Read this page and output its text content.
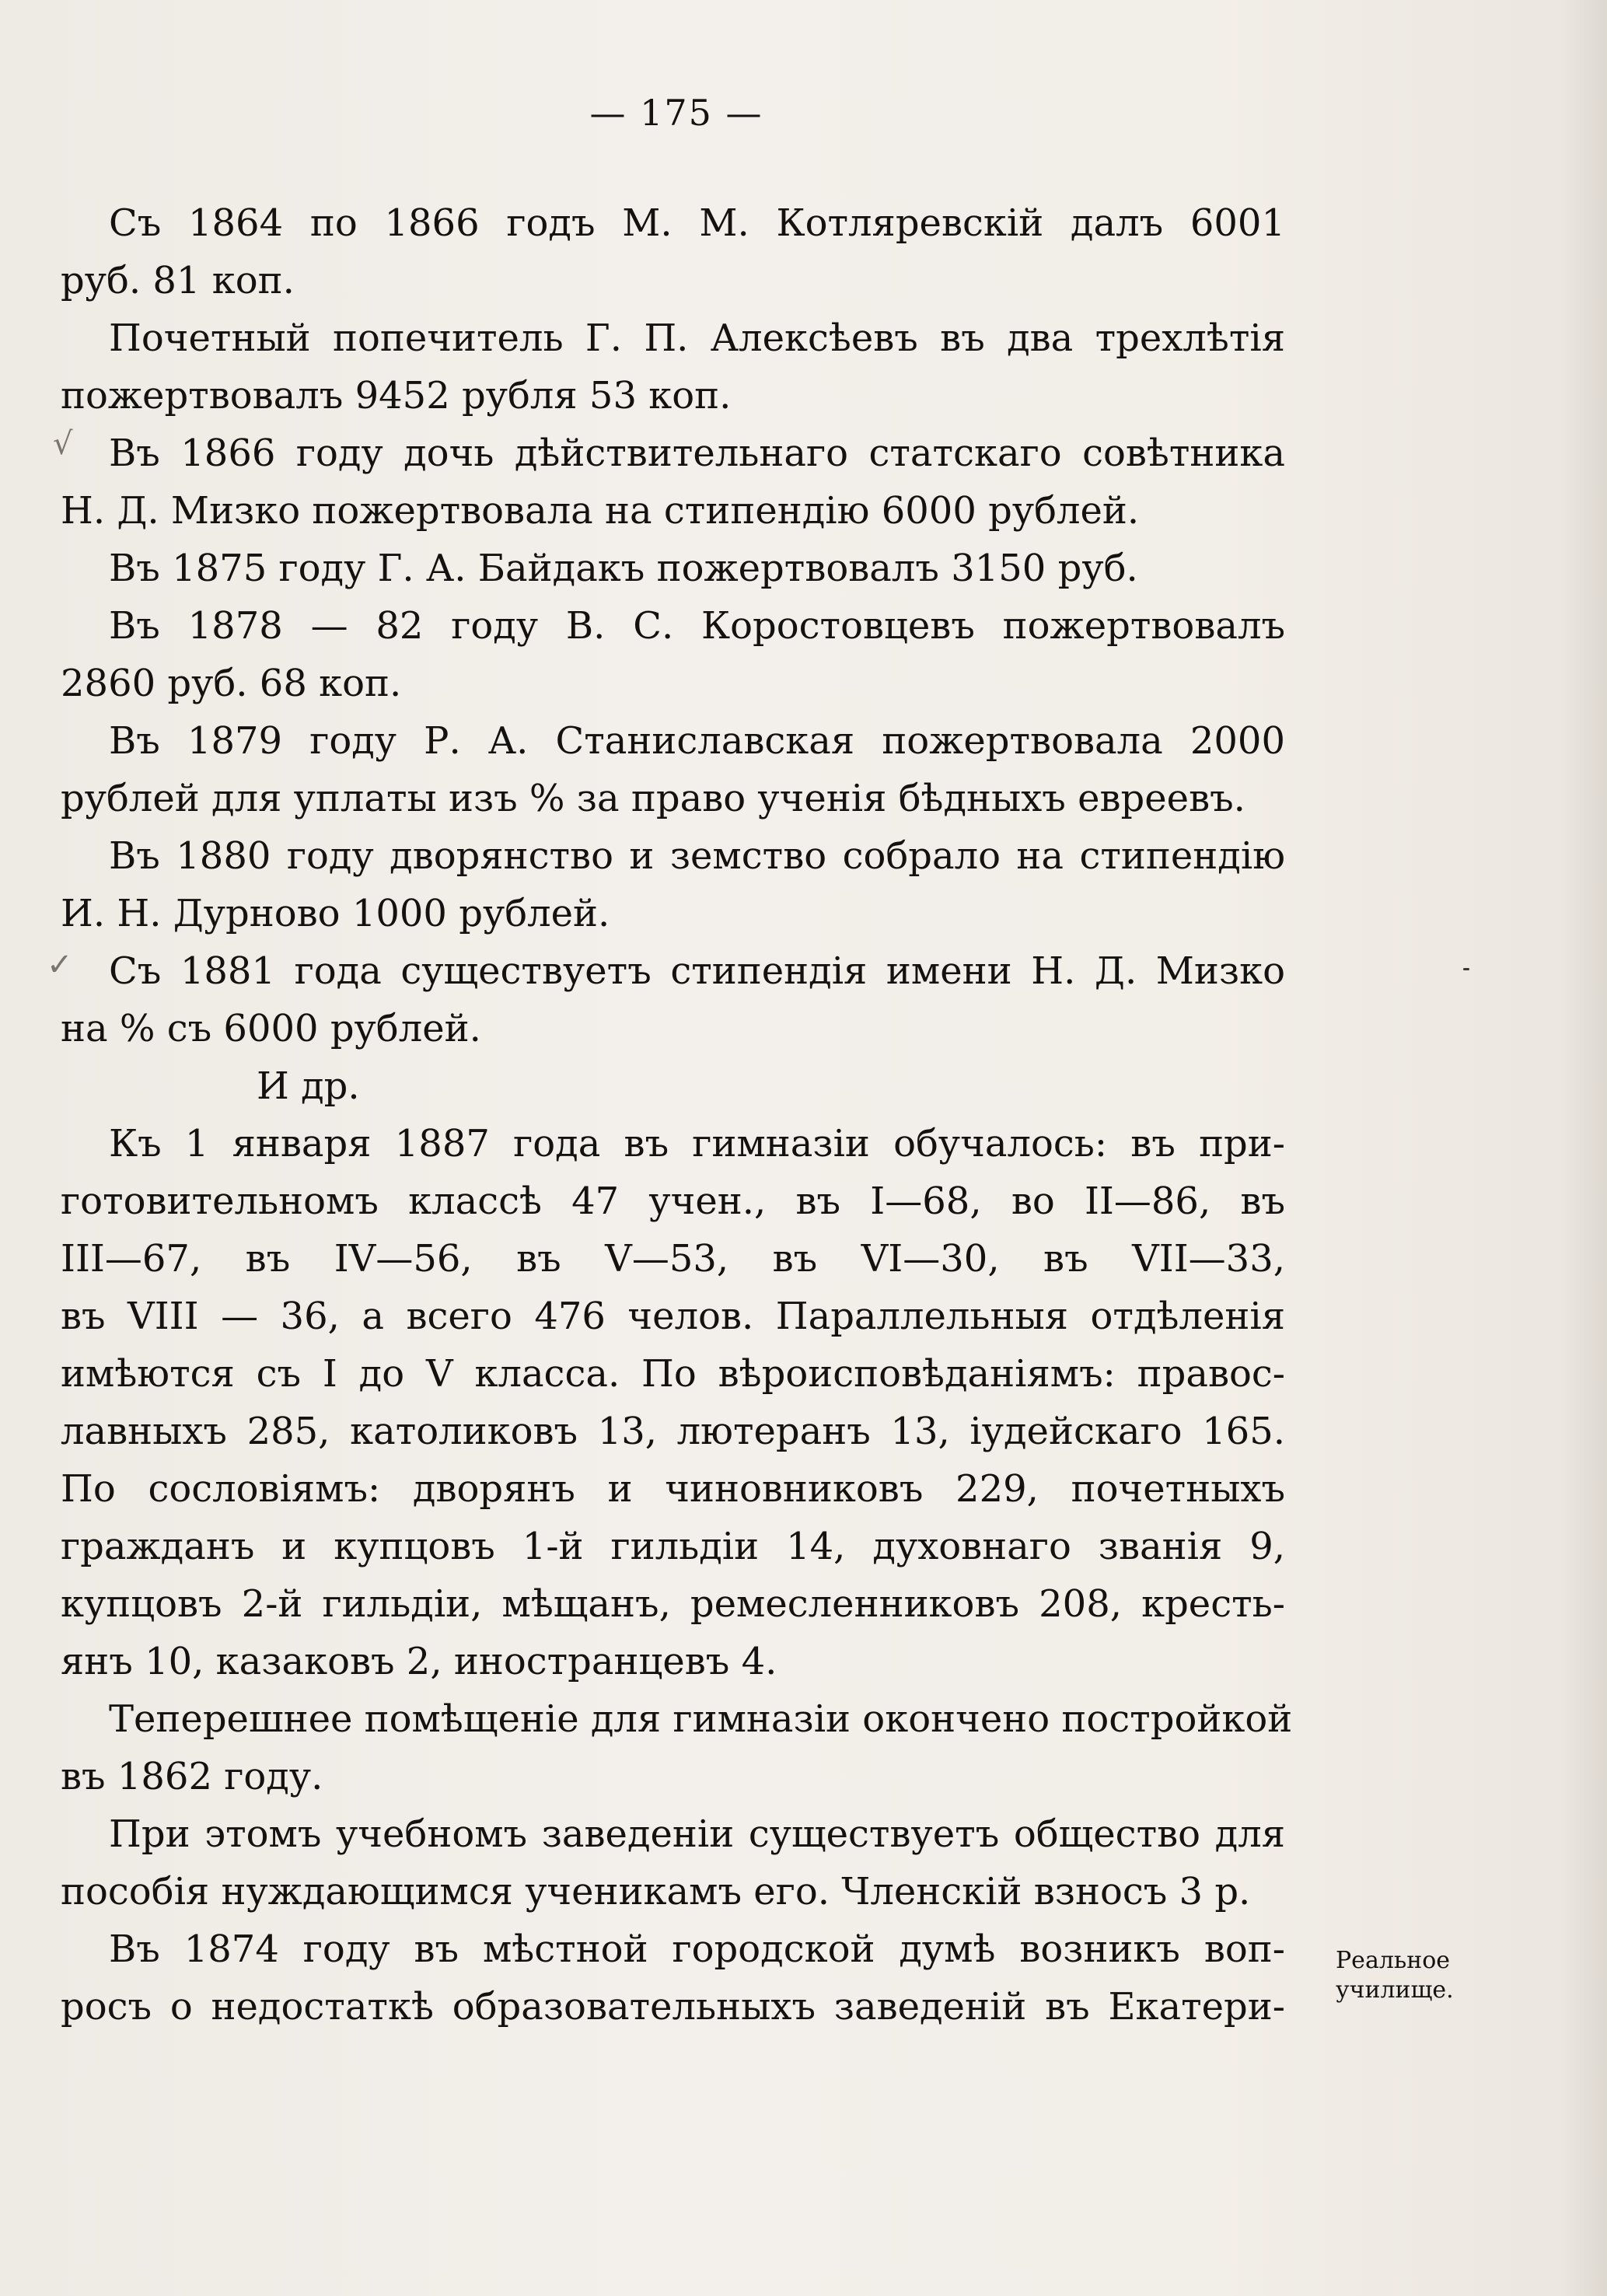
— 175 —
Съ 1864 по 1866 годъ М. М. Котляревскій далъ 6001
руб. 81 коп.
Почетный попечитель Г. П. Алексѣевъ въ два трехлѣтія
пожертвовалъ 9452 рубля 53 коп.
Въ 1866 году дочь дѣйствительнаго статскаго совѣтника
Н. Д. Мизко пожертвовала на стипендію 6000 рублей.
Въ 1875 году Г. А. Байдакъ пожертвовалъ 3150 руб.
Въ 1878 — 82 году В. С. Коростовцевъ пожертвовалъ
2860 руб. 68 коп.
Въ 1879 году Р. А. Станиславская пожертвовала 2000
рублей для уплаты изъ % за право ученія бѣдныхъ евреевъ.
Въ 1880 году дворянство и земство собрало на стипендію
И. Н. Дурново 1000 рублей.
Съ 1881 года существуетъ стипендія имени Н. Д. Мизко
на % съ 6000 рублей.
И др.
Къ 1 января 1887 года въ гимназіи обучалось: въ при-
готовительномъ классѣ 47 учен., въ I—68, во II—86, въ
III—67, въ IV—56, въ V—53, въ VI—30, въ VII—33,
въ VIII — 36, а всего 476 челов. Параллельныя отдѣленія
имѣются съ I до V класса. По вѣроисповѣданіямъ: правос-
лавныхъ 285, католиковъ 13, лютеранъ 13, іудейскаго 165.
По сословіямъ: дворянъ и чиновниковъ 229, почетныхъ
гражданъ и купцовъ 1-й гильдіи 14, духовнаго званія 9,
купцовъ 2-й гильдіи, мѣщанъ, ремесленниковъ 208, кресть-
янъ 10, казаковъ 2, иностранцевъ 4.
Теперешнее помѣщеніе для гимназіи окончено постройкой
въ 1862 году.
При этомъ учебномъ заведеніи существуетъ общество для
пособія нуждающимся ученикамъ его. Членскій взносъ 3 р.
Въ 1874 году въ мѣстной городской думѣ возникъ воп-
росъ о недостаткѣ образовательныхъ заведеній въ Екатери-
√
✓
Реальное
училище.
